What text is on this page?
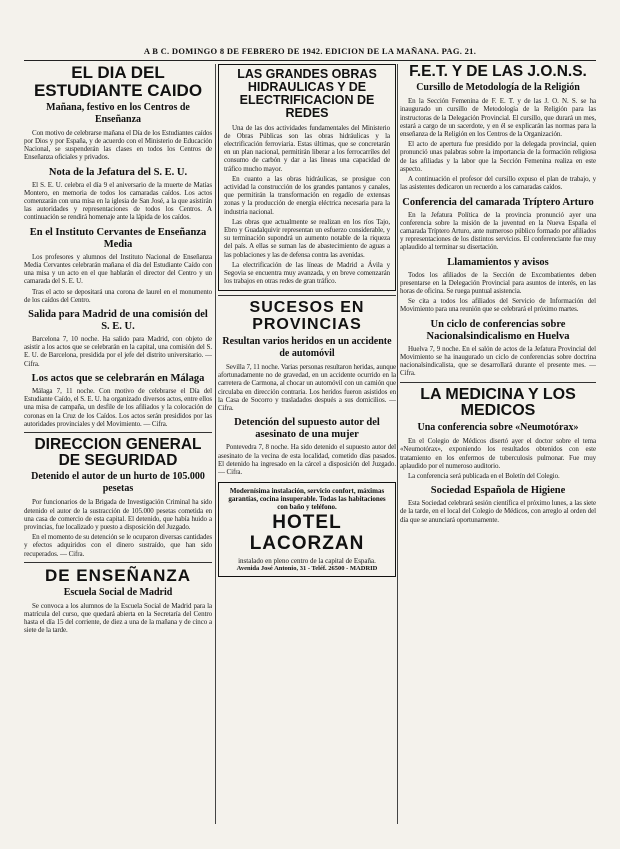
A B C. DOMINGO 8 DE FEBRERO DE 1942. EDICION DE LA MAÑANA. PAG. 21.
EL DIA DEL ESTUDIANTE CAIDO
Mañana, festivo en los Centros de Enseñanza

Con motivo de celebrarse mañana el Día de los Estudiantes caídos por Dios y por España, y de acuerdo con el Ministerio de Educación Nacional, se suspenderán las clases en todos los Centros de Enseñanza oficiales y privados.

Nota de la Jefatura del S. E. U.

El S. E. U. celebra el día 9 el aniversario de la muerte de Matías Montero, en memoria de todos los camaradas caídos. Los actos comenzarán con una misa en la iglesia de San José, a la que asistirán las autoridades y representaciones de todos los Centros. A continuación se rendirá homenaje ante la lápida de los caídos.

En el Instituto Cervantes de Enseñanza Media

Los profesores y alumnos del Instituto Nacional de Enseñanza Media Cervantes celebrarán mañana el día del Estudiante Caído con una misa y un acto en el que hablarán el director del Centro y un camarada del S. E. U.

Tras el acto se depositará una corona de laurel en el monumento de los caídos del Centro.

Salida para Madrid de una comisión del S. E. U.

Barcelona 7, 10 noche. Ha salido para Madrid, con objeto de asistir a los actos que se celebrarán en la capital, una comisión del S. E. U. de Barcelona, presidida por el jefe del distrito universitario. — Cifra.

Los actos que se celebrarán en Málaga

Málaga 7, 11 noche. Con motivo de celebrarse el Día del Estudiante Caído, el S. E. U. ha organizado diversos actos, entre ellos una misa de campaña, un desfile de los afiliados y la colocación de coronas en la Cruz de los Caídos. Los actos serán presididos por las autoridades provinciales y del Movimiento. — Cifra.

DIRECCION GENERAL DE SEGURIDAD
Detenido el autor de un hurto de 105.000 pesetas

Por funcionarios de la Brigada de Investigación Criminal ha sido detenido el autor de la sustracción de 105.000 pesetas cometida en una casa de comercio de esta capital. El detenido, que había huido a provincias, fue localizado y puesto a disposición del Juzgado.

En el momento de su detención se le ocuparon diversas cantidades y efectos adquiridos con el dinero sustraído, que han sido recuperados. — Cifra.

DE ENSEÑANZA
Escuela Social de Madrid

Se convoca a los alumnos de la Escuela Social de Madrid para la matrícula del curso, que quedará abierta en la Secretaría del Centro hasta el día 15 del corriente, de diez a una de la mañana y de cinco a siete de la tarde.

LAS GRANDES OBRAS HIDRAULICAS Y DE ELECTRIFICACION DE REDES

Una de las dos actividades fundamentales del Ministerio de Obras Públicas son las obras hidráulicas y la electrificación ferroviaria. Estas últimas, que se concretarán en un plan nacional, permitirán liberar a los ferrocarriles del consumo de carbón y dar a las líneas una capacidad de tráfico mucho mayor.

En cuanto a las obras hidráulicas, se prosigue con actividad la construcción de los grandes pantanos y canales, que permitirán la transformación en regadío de extensas zonas y la producción de energía eléctrica necesaria para la industria nacional.

Las obras que actualmente se realizan en los ríos Tajo, Ebro y Guadalquivir representan un esfuerzo considerable, y su terminación supondrá un aumento notable de la riqueza del país. A ellas se suman las de abastecimiento de aguas a las poblaciones y las de defensa contra las avenidas.

La electrificación de las líneas de Madrid a Ávila y Segovia se encuentra muy avanzada, y en breve comenzarán los trabajos en otras redes de gran tráfico.

SUCESOS EN PROVINCIAS
Resultan varios heridos en un accidente de automóvil

Sevilla 7, 11 noche. Varias personas resultaron heridas, aunque afortunadamente no de gravedad, en un accidente ocurrido en la carretera de Carmona, al chocar un automóvil con un camión que circulaba en dirección contraria. Los heridos fueron asistidos en la Casa de Socorro y trasladados después a sus domicilios. — Cifra.

Detención del supuesto autor del asesinato de una mujer

Pontevedra 7, 8 noche. Ha sido detenido el supuesto autor del asesinato de la vecina de esta localidad, cometido días pasados. El detenido ha ingresado en la cárcel a disposición del Juzgado. — Cifra.

Modernísima instalación, servicio confort, máximas garantías, cocina insuperable. Todas las habitaciones con baño y teléfono.
HOTEL LACORZAN
instalado en pleno centro de la capital de España.
Avenida José Antonio, 31 - Teléf. 26500 - MADRID
F.E.T. Y DE LAS J.O.N.S.
Cursillo de Metodología de la Religión

En la Sección Femenina de F. E. T. y de las J. O. N. S. se ha inaugurado un cursillo de Metodología de la Religión para las instructoras de la Delegación Provincial. El cursillo, que durará un mes, estará a cargo de un sacerdote, y en él se explicarán las normas para la enseñanza de la Religión en los Centros de la Organización.

El acto de apertura fue presidido por la delegada provincial, quien pronunció unas palabras sobre la importancia de la formación religiosa de las afiliadas y la labor que la Sección Femenina realiza en este aspecto.

A continuación el profesor del cursillo expuso el plan de trabajo, y las asistentes dedicaron un recuerdo a los camaradas caídos.

Conferencia del camarada Tríptero Arturo

En la Jefatura Política de la provincia pronunció ayer una conferencia sobre la misión de la juventud en la Nueva España el camarada Tríptero Arturo, ante numeroso público formado por afiliados y representaciones de los distintos servicios. El conferenciante fue muy aplaudido al terminar su disertación.

Llamamientos y avisos

Todos los afiliados de la Sección de Excombatientes deben presentarse en la Delegación Provincial para asuntos de interés, en las horas de oficina. Se ruega puntual asistencia.

Se cita a todos los afiliados del Servicio de Información del Movimiento para una reunión que se celebrará el próximo martes.

Un ciclo de conferencias sobre Nacionalsindicalismo en Huelva

Huelva 7, 9 noche. En el salón de actos de la Jefatura Provincial del Movimiento se ha inaugurado un ciclo de conferencias sobre doctrina nacionalsindicalista, que se desarrollará durante el presente mes. — Cifra.

LA MEDICINA Y LOS MEDICOS
Una conferencia sobre «Neumotórax»

En el Colegio de Médicos disertó ayer el doctor sobre el tema «Neumotórax», exponiendo los resultados obtenidos con este tratamiento en los enfermos de tuberculosis pulmonar. Fue muy aplaudido por el numeroso auditorio.

La conferencia será publicada en el Boletín del Colegio.

Sociedad Española de Higiene

Esta Sociedad celebrará sesión científica el próximo lunes, a las siete de la tarde, en el local del Colegio de Médicos, con arreglo al orden del día que se anunciará oportunamente.
